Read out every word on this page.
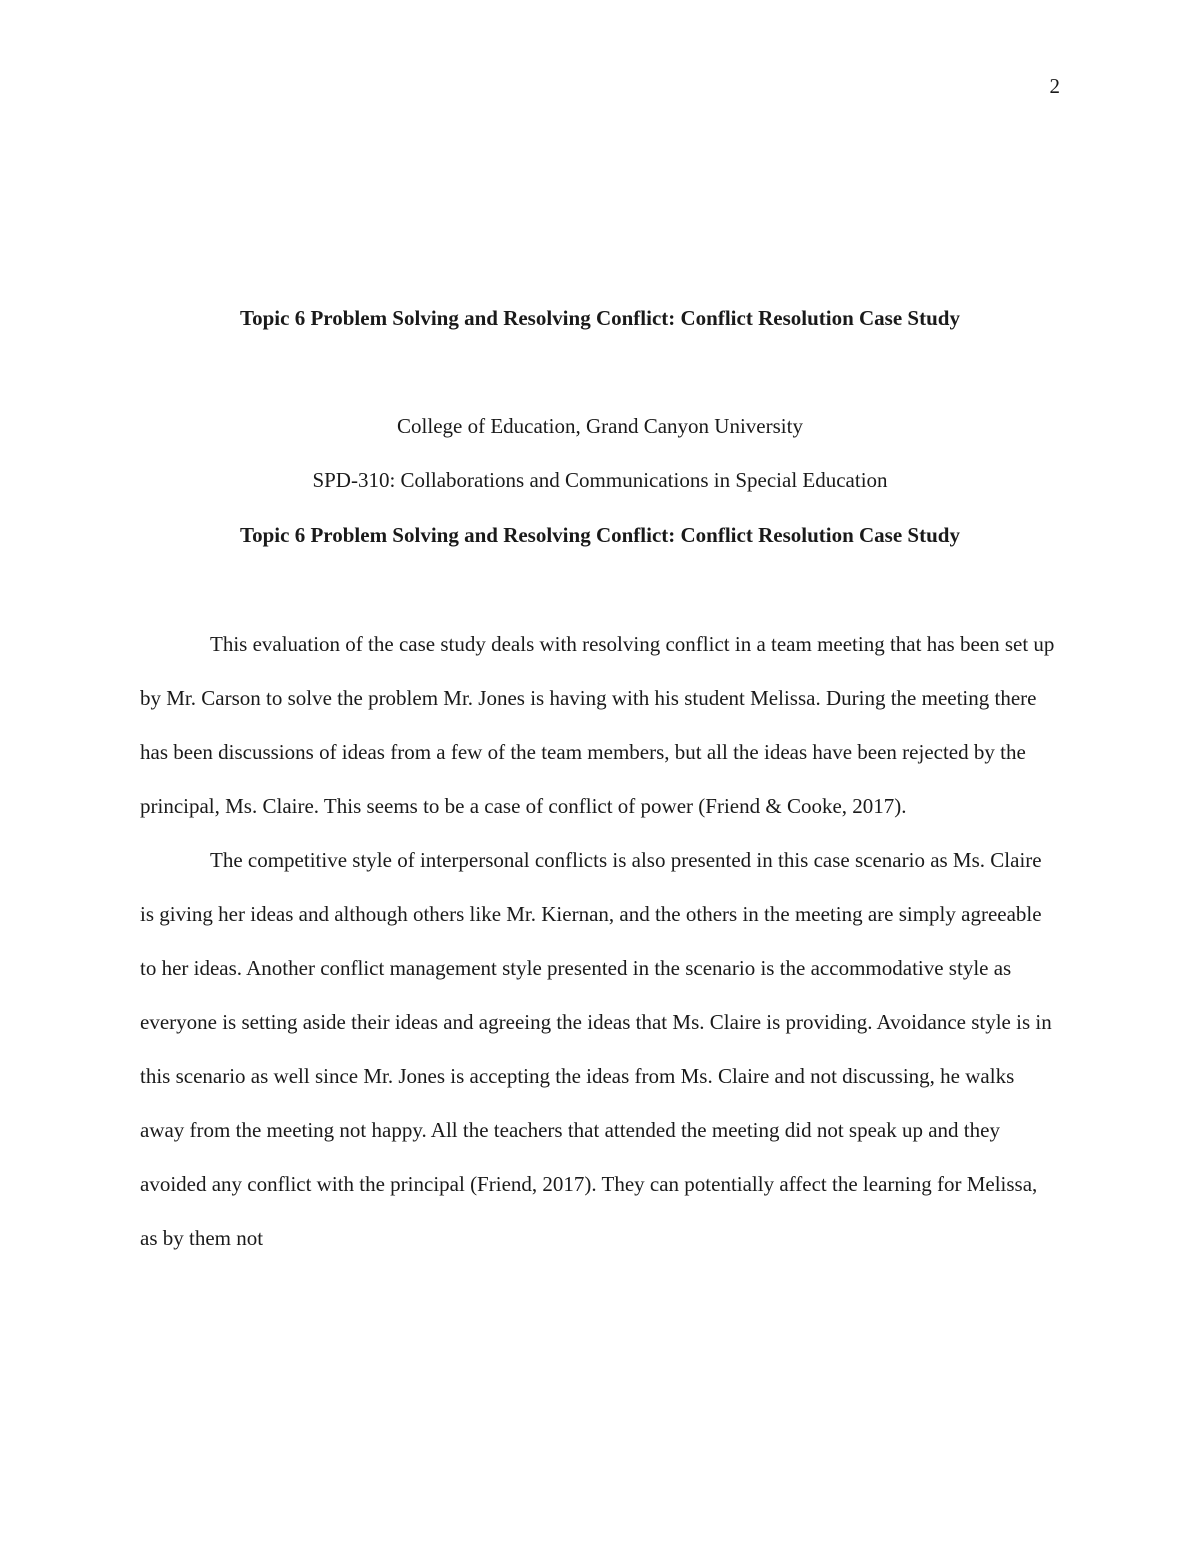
2
Topic 6 Problem Solving and Resolving Conflict: Conflict Resolution Case Study
College of Education, Grand Canyon University
SPD-310: Collaborations and Communications in Special Education
Topic 6 Problem Solving and Resolving Conflict: Conflict Resolution Case Study

This evaluation of the case study deals with resolving conflict in a team meeting that has been set up by Mr. Carson to solve the problem Mr. Jones is having with his student Melissa. During the meeting there has been discussions of ideas from a few of the team members, but all the ideas have been rejected by the principal, Ms. Claire. This seems to be a case of conflict of power (Friend & Cooke, 2017).

The competitive style of interpersonal conflicts is also presented in this case scenario as Ms. Claire is giving her ideas and although others like Mr. Kiernan, and the others in the meeting are simply agreeable to her ideas. Another conflict management style presented in the scenario is the accommodative style as everyone is setting aside their ideas and agreeing the ideas that Ms. Claire is providing. Avoidance style is in this scenario as well since Mr. Jones is accepting the ideas from Ms. Claire and not discussing, he walks away from the meeting not happy. All the teachers that attended the meeting did not speak up and they avoided any conflict with the principal (Friend, 2017). They can potentially affect the learning for Melissa, as by them not
